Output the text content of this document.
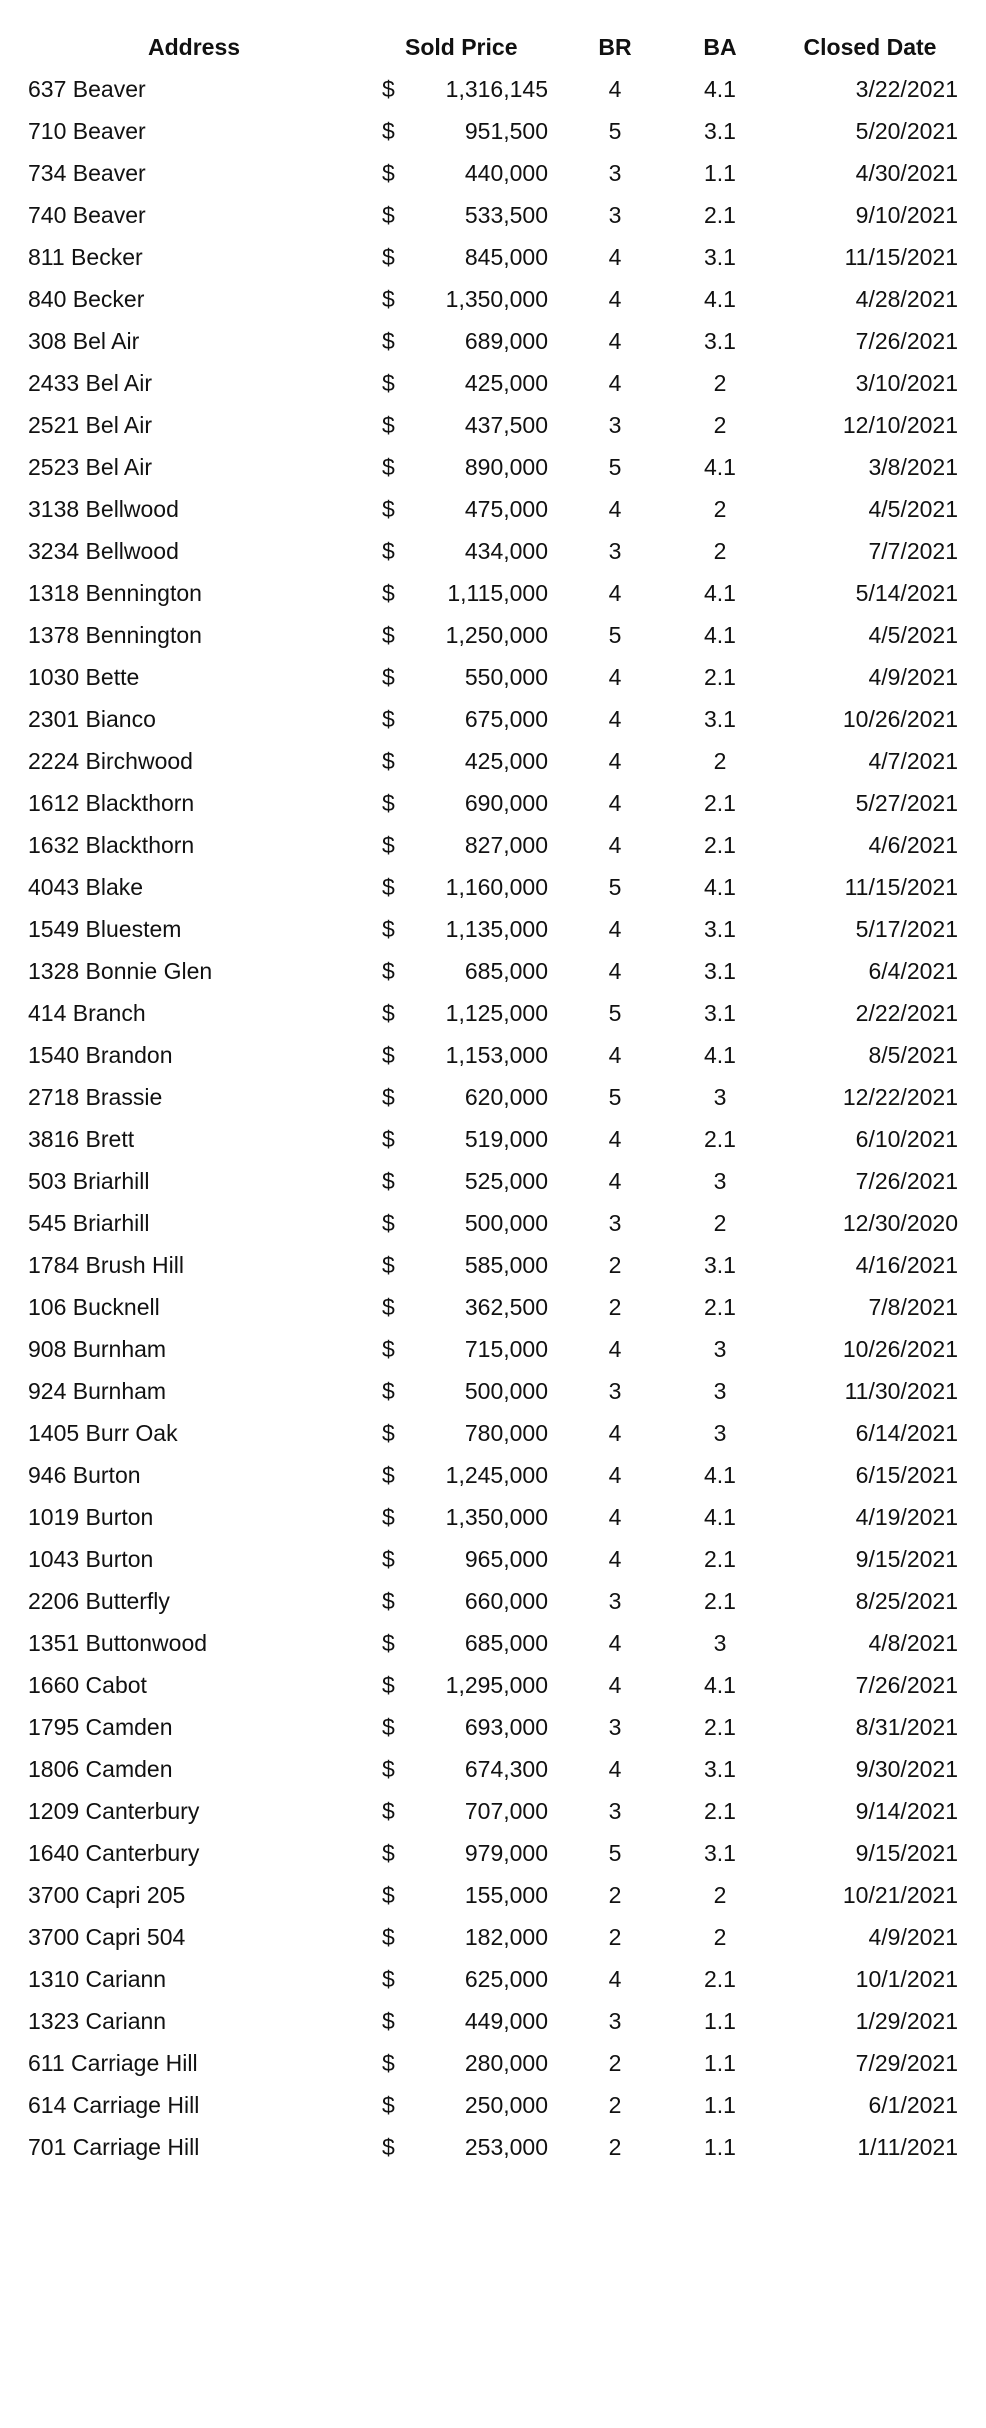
Address	Sold Price	BR	BA	Closed Date
637 Beaver	$ 1,316,145	4	4.1	3/22/2021
710 Beaver	$	951,500	5	3.1	5/20/2021
734 Beaver	$	440,000	3	1.1	4/30/2021
740 Beaver	$	533,500	3	2.1	9/10/2021
811 Becker	$	845,000	4	3.1	11/15/2021
840 Becker	$ 1,350,000	4	4.1	4/28/2021
308 Bel Air	$	689,000	4	3.1	7/26/2021
2433 Bel Air	$	425,000	4	2	3/10/2021
2521 Bel Air	$	437,500	3	2	12/10/2021
2523 Bel Air	$	890,000	5	4.1	3/8/2021
3138 Bellwood	$	475,000	4	2	4/5/2021
3234 Bellwood	$	434,000	3	2	7/7/2021
1318 Bennington	$ 1,115,000	4	4.1	5/14/2021
1378 Bennington	$ 1,250,000	5	4.1	4/5/2021
1030 Bette	$	550,000	4	2.1	4/9/2021
2301 Bianco	$	675,000	4	3.1	10/26/2021
2224 Birchwood	$	425,000	4	2	4/7/2021
1612 Blackthorn	$	690,000	4	2.1	5/27/2021
1632 Blackthorn	$	827,000	4	2.1	4/6/2021
4043 Blake	$ 1,160,000	5	4.1	11/15/2021
1549 Bluestem	$ 1,135,000	4	3.1	5/17/2021
1328 Bonnie Glen	$	685,000	4	3.1	6/4/2021
414 Branch	$ 1,125,000	5	3.1	2/22/2021
1540 Brandon	$ 1,153,000	4	4.1	8/5/2021
2718 Brassie	$	620,000	5	3	12/22/2021
3816 Brett	$	519,000	4	2.1	6/10/2021
503 Briarhill	$	525,000	4	3	7/26/2021
545 Briarhill	$	500,000	3	2	12/30/2020
1784 Brush Hill	$	585,000	2	3.1	4/16/2021
106 Bucknell	$	362,500	2	2.1	7/8/2021
908 Burnham	$	715,000	4	3	10/26/2021
924 Burnham	$	500,000	3	3	11/30/2021
1405 Burr Oak	$	780,000	4	3	6/14/2021
946 Burton	$ 1,245,000	4	4.1	6/15/2021
1019 Burton	$ 1,350,000	4	4.1	4/19/2021
1043 Burton	$	965,000	4	2.1	9/15/2021
2206 Butterfly	$	660,000	3	2.1	8/25/2021
1351 Buttonwood	$	685,000	4	3	4/8/2021
1660 Cabot	$ 1,295,000	4	4.1	7/26/2021
1795 Camden	$	693,000	3	2.1	8/31/2021
1806 Camden	$	674,300	4	3.1	9/30/2021
1209 Canterbury	$	707,000	3	2.1	9/14/2021
1640 Canterbury	$	979,000	5	3.1	9/15/2021
3700 Capri 205	$	155,000	2	2	10/21/2021
3700 Capri 504	$	182,000	2	2	4/9/2021
1310 Cariann	$	625,000	4	2.1	10/1/2021
1323 Cariann	$	449,000	3	1.1	1/29/2021
611 Carriage Hill	$	280,000	2	1.1	7/29/2021
614 Carriage Hill	$	250,000	2	1.1	6/1/2021
701 Carriage Hill	$	253,000	2	1.1	1/11/2021
